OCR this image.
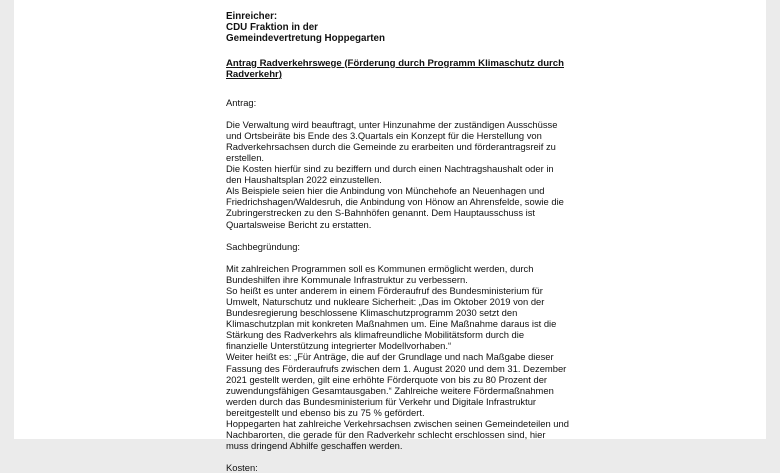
Einreicher:
CDU Fraktion in der
Gemeindevertretung Hoppegarten
Antrag Radverkehrswege (Förderung durch Programm Klimaschutz durch Radverkehr)
Antrag:
Die Verwaltung wird beauftragt, unter Hinzunahme der zuständigen Ausschüsse
und Ortsbeiräte bis Ende des 3.Quartals ein Konzept für die Herstellung von
Radverkehrsachsen durch die Gemeinde zu erarbeiten und förderantragsreif zu
erstellen.
Die Kosten hierfür sind zu beziffern und durch einen Nachtragshaushalt oder in
den Haushaltsplan 2022 einzustellen.
Als Beispiele seien hier die Anbindung von Münchehofe an Neuenhagen und
Friedrichshagen/Waldesruh, die Anbindung von Hönow an Ahrensfelde, sowie die
Zubringerstrecken zu den S-Bahnhöfen genannt. Dem Hauptausschuss ist
Quartalsweise Bericht zu erstatten.
Sachbegründung:
Mit zahlreichen Programmen soll es Kommunen ermöglicht werden, durch
Bundeshilfen ihre Kommunale Infrastruktur zu verbessern.
So heißt es unter anderem in einem Förderaufruf des Bundesministerium für
Umwelt, Naturschutz und nukleare Sicherheit: „Das im Oktober 2019 von der
Bundesregierung beschlossene Klimaschutzprogramm 2030 setzt den
Klimaschutzplan mit konkreten Maßnahmen um. Eine Maßnahme daraus ist die
Stärkung des Radverkehrs als klimafreundliche Mobilitätsform durch die
finanzielle Unterstützung integrierter Modellvorhaben.“
Weiter heißt es: „Für Anträge, die auf der Grundlage und nach Maßgabe dieser
Fassung des Förderaufrufs zwischen dem 1. August 2020 und dem 31. Dezember
2021 gestellt werden, gilt eine erhöhte Förderquote von bis zu 80 Prozent der
zuwendungsfähigen Gesamtausgaben.“ Zahlreiche weitere Fördermaßnahmen
werden durch das Bundesministerium für Verkehr und Digitale Infrastruktur
bereitgestellt und ebenso bis zu 75 % gefördert.
Hoppegarten hat zahlreiche Verkehrsachsen zwischen seinen Gemeindeteilen und
Nachbarorten, die gerade für den Radverkehr schlecht erschlossen sind, hier
muss dringend Abhilfe geschaffen werden.
Kosten:
